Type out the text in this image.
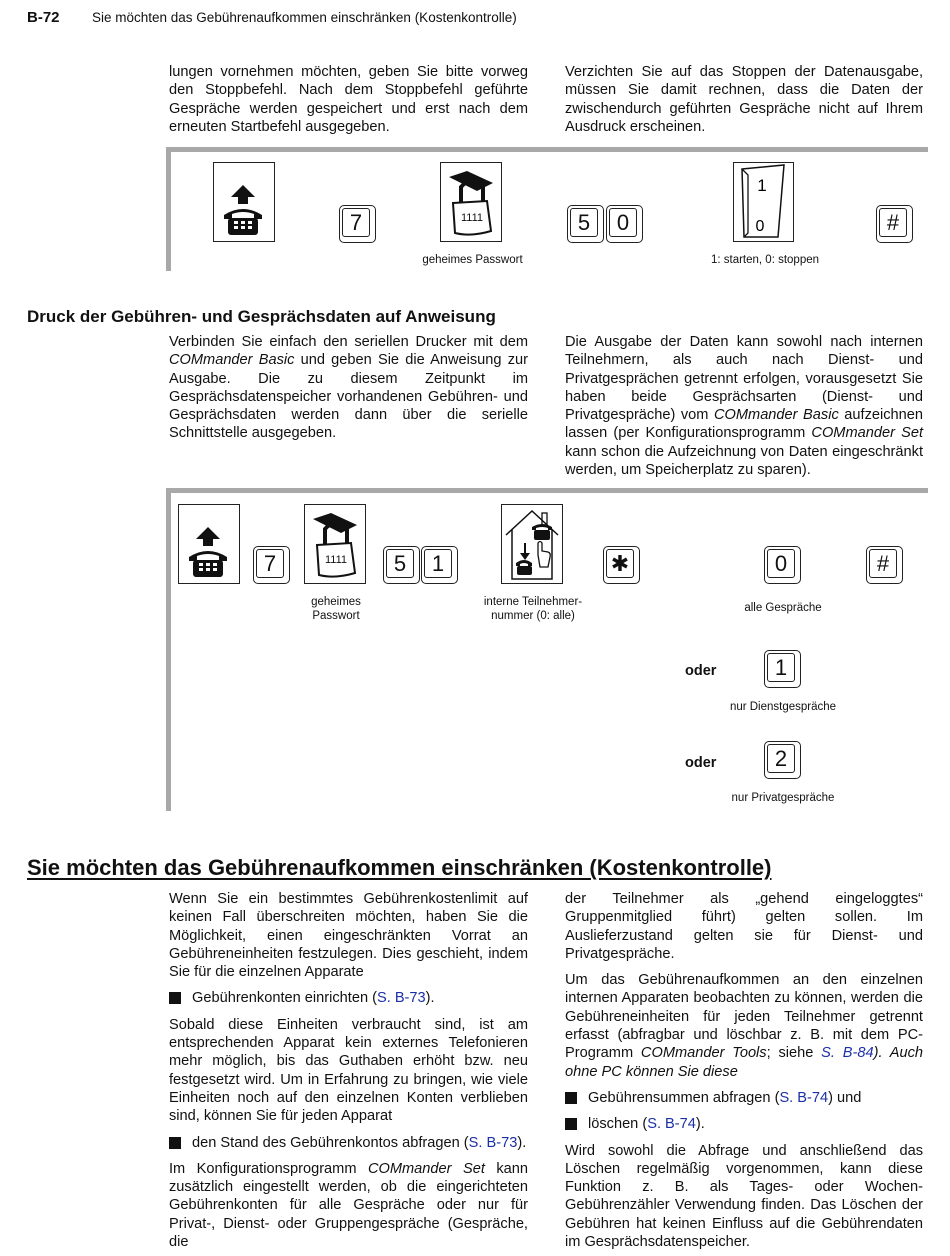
B-72 Sie möchten das Gebührenaufkommen einschränken (Kostenkontrolle)

lungen vornehmen möchten, geben Sie bitte vorweg den Stoppbefehl. Nach dem Stoppbefehl geführte Gespräche werden gespeichert und erst nach dem erneuten Startbefehl ausgegeben.

Verzichten Sie auf das Stoppen der Datenausgabe, müssen Sie damit rechnen, dass die Daten der zwischendurch geführten Gespräche nicht auf Ihrem Ausdruck erscheinen.

7	1111
geheimes Passwort
5	0
1
0
1: starten, 0: stoppen
#
Druck der Gebühren- und Gesprächsdaten auf Anweisung

Verbinden Sie einfach den seriellen Drucker mit dem COMmander Basic und geben Sie die Anweisung zur Ausgabe. Die zu diesem Zeitpunkt im Gesprächsdatenspeicher vorhandenen Gebühren- und Gesprächsdaten werden dann über die serielle Schnittstelle ausgegeben.

Die Ausgabe der Daten kann sowohl nach internen Teilnehmern, als auch nach Dienst- und Privatgesprächen getrennt erfolgen, vorausgesetzt Sie haben beide Gesprächsarten (Dienst- und Privatgespräche) vom COMmander Basic aufzeichnen lassen (per Konfigurationsprogramm COMmander Set kann schon die Aufzeichnung von Daten eingeschränkt werden, um Speicherplatz zu sparen).

7	1111
geheimes
Passwort
5	1
interne Teilnehmer-
nummer (0: alle)
✱	0
alle Gespräche
#
oder	1
nur Dienstgespräche
oder	2
nur Privatgespräche
Sie möchten das Gebührenaufkommen einschränken (Kostenkontrolle)

Wenn Sie ein bestimmtes Gebührenkostenlimit auf keinen Fall überschreiten möchten, haben Sie die Möglichkeit, einen eingeschränkten Vorrat an Gebühreneinheiten festzulegen. Dies geschieht, indem Sie für die einzelnen Apparate

Gebührenkonten einrichten (S. B-73).

Sobald diese Einheiten verbraucht sind, ist am entsprechenden Apparat kein externes Telefonieren mehr möglich, bis das Guthaben erhöht bzw. neu festgesetzt wird. Um in Erfahrung zu bringen, wie viele Einheiten noch auf den einzelnen Konten verblieben sind, können Sie für jeden Apparat

den Stand des Gebührenkontos abfragen (S. B-73).

Im Konfigurationsprogramm COMmander Set kann zusätzlich eingestellt werden, ob die eingerichteten Gebührenkonten für alle Gespräche oder nur für Privat-, Dienst- oder Gruppengespräche (Gespräche, die

der Teilnehmer als „gehend eingeloggtes“ Gruppenmitglied führt) gelten sollen. Im Auslieferzustand gelten sie für Dienst- und Privatgespräche.

Um das Gebührenaufkommen an den einzelnen internen Apparaten beobachten zu können, werden die Gebühreneinheiten für jeden Teilnehmer getrennt erfasst (abfragbar und löschbar z. B. mit dem PC-Programm COMmander Tools; siehe S. B-84). Auch ohne PC können Sie diese

Gebührensummen abfragen (S. B-74) und
löschen (S. B-74).

Wird sowohl die Abfrage und anschließend das Löschen regelmäßig vorgenommen, kann diese Funktion z. B. als Tages- oder Wochen-Gebührenzähler Verwendung finden. Das Löschen der Gebühren hat keinen Einfluss auf die Gebührendaten im Gesprächsdatenspeicher.
